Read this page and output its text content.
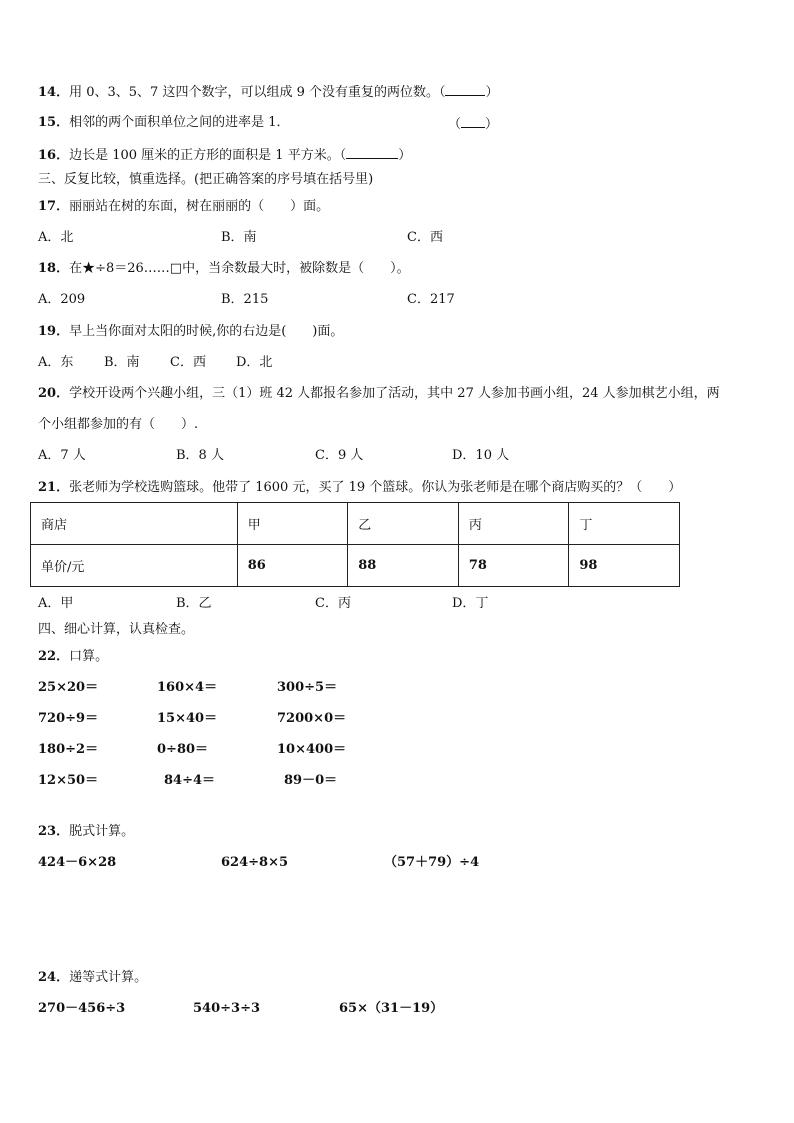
14．用 0、3、5、7 这四个数字，可以组成 9 个没有重复的两位数。（	）
15．相邻的两个面积单位之间的进率是 1．	（ ）
16．边长是 100 厘米的正方形的面积是 1 平方米。（	）
三、反复比较，慎重选择。(把正确答案的序号填在括号里)
17．丽丽站在树的东面，树在丽丽的（　　）面。
A．北	B．南	C．西
18．在★÷8＝26……□中，当余数最大时，被除数是（　　）。
A．209	B．215	C．217
19．早上当你面对太阳的时候,你的右边是(　　)面。
A．东 B．南 C．西 D．北
20．学校开设两个兴趣小组，三（1）班 42 人都报名参加了活动，其中 27 人参加书画小组，24 人参加棋艺小组，两
个小组都参加的有（　　）.
A．7 人	B．8 人	C．9 人	D．10 人
21．张老师为学校选购篮球。他带了 1600 元，买了 19 个篮球。你认为张老师是在哪个商店购买的？（　　）
商店	甲	乙	丙	丁
单价/元	86	88	78	98
A．甲	B．乙	C．丙	D．丁
四、细心计算，认真检查。
22．口算。
25×20＝	160×4＝	300÷5＝
720÷9＝	15×40＝	7200×0＝
180÷2＝	0÷80＝	10×400＝
12×50＝	84÷4＝	89－0＝
23．脱式计算。
424－6×28	624÷8×5	（57＋79）÷4
24．递等式计算。
270－456÷3	540÷3÷3	65×（31－19）
